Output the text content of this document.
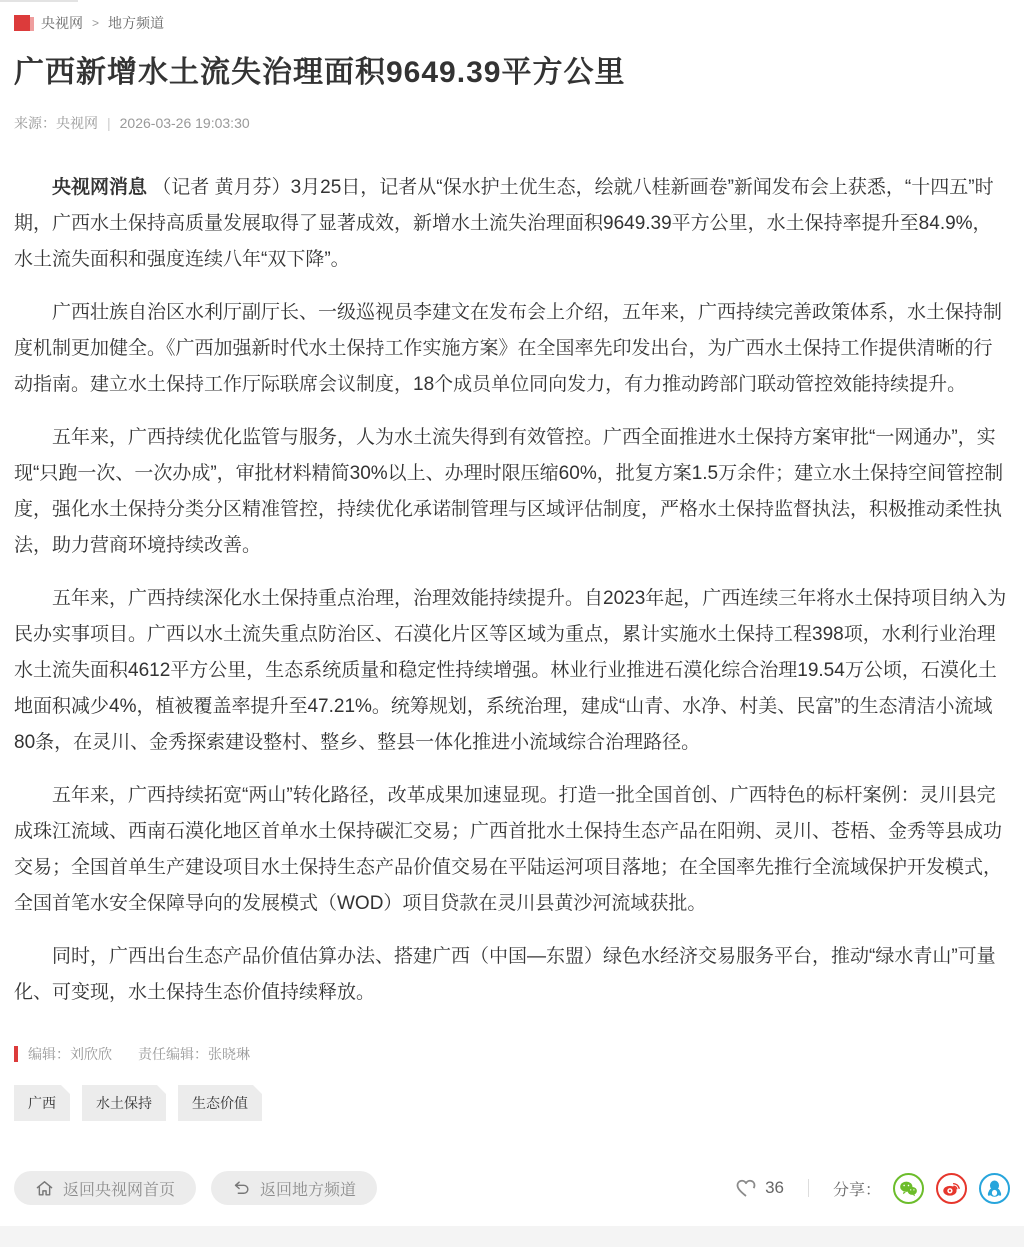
央视网 > 地方频道
广西新增水土流失治理面积9649.39平方公里
来源： 央视网 | 2026-03-26 19:03:30

央视网消息 （记者 黄月芬）3月25日，记者从“保水护土优生态，绘就八桂新画卷”新闻发布会上获悉，“十四五”时期，广西水土保持高质量发展取得了显著成效，新增水土流失治理面积9649.39平方公里，水土保持率提升至84.9%，水土流失面积和强度连续八年“双下降”。

广西壮族自治区水利厅副厅长、一级巡视员李建文在发布会上介绍，五年来，广西持续完善政策体系，水土保持制度机制更加健全。《广西加强新时代水土保持工作实施方案》在全国率先印发出台，为广西水土保持工作提供清晰的行动指南。建立水土保持工作厅际联席会议制度，18个成员单位同向发力，有力推动跨部门联动管控效能持续提升。

五年来，广西持续优化监管与服务，人为水土流失得到有效管控。广西全面推进水土保持方案审批“一网通办”，实现“只跑一次、一次办成”，审批材料精简30%以上、办理时限压缩60%，批复方案1.5万余件；建立水土保持空间管控制度，强化水土保持分类分区精准管控，持续优化承诺制管理与区域评估制度，严格水土保持监督执法，积极推动柔性执法，助力营商环境持续改善。

五年来，广西持续深化水土保持重点治理，治理效能持续提升。自2023年起，广西连续三年将水土保持项目纳入为民办实事项目。广西以水土流失重点防治区、石漠化片区等区域为重点，累计实施水土保持工程398项，水利行业治理水土流失面积4612平方公里，生态系统质量和稳定性持续增强。林业行业推进石漠化综合治理19.54万公顷，石漠化土地面积减少4%，植被覆盖率提升至47.21%。统筹规划，系统治理，建成“山青、水净、村美、民富”的生态清洁小流域80条，在灵川、金秀探索建设整村、整乡、整县一体化推进小流域综合治理路径。

五年来，广西持续拓宽“两山”转化路径，改革成果加速显现。打造一批全国首创、广西特色的标杆案例：灵川县完成珠江流域、西南石漠化地区首单水土保持碳汇交易；广西首批水土保持生态产品在阳朔、灵川、苍梧、金秀等县成功交易；全国首单生产建设项目水土保持生态产品价值交易在平陆运河项目落地；在全国率先推行全流域保护开发模式，全国首笔水安全保障导向的发展模式（WOD）项目贷款在灵川县黄沙河流域获批。

同时，广西出台生态产品价值估算办法、搭建广西（中国—东盟）绿色水经济交易服务平台，推动“绿水青山”可量化、可变现，水土保持生态价值持续释放。

编辑：刘欣欣 责任编辑：张晓琳
广西	水土保持	生态价值
返回央视网首页	返回地方频道	36	分享：
